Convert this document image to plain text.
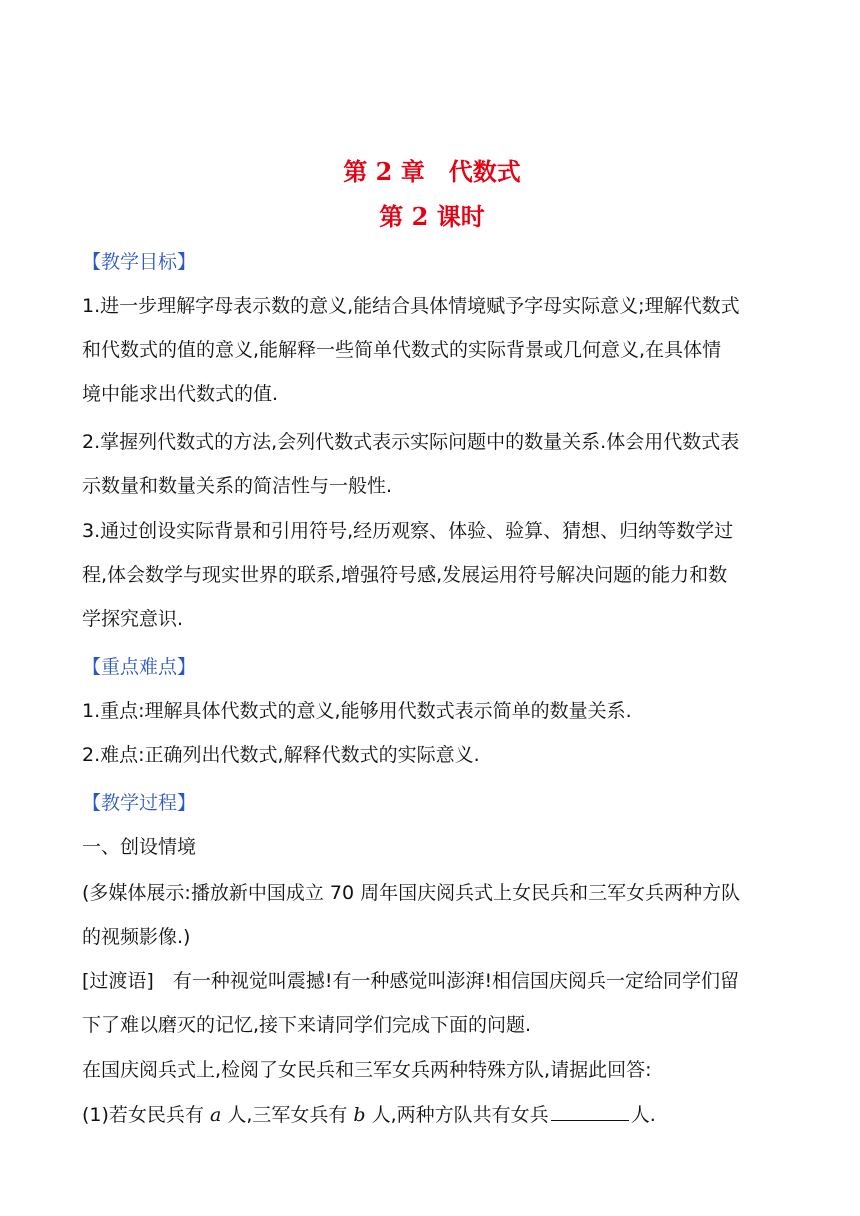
第 2 章　代数式
第 2 课时
【教学目标】
1.进一步理解字母表示数的意义,能结合具体情境赋予字母实际意义;理解代数式
和代数式的值的意义,能解释一些简单代数式的实际背景或几何意义,在具体情
境中能求出代数式的值.
2.掌握列代数式的方法,会列代数式表示实际问题中的数量关系.体会用代数式表
示数量和数量关系的简洁性与一般性.
3.通过创设实际背景和引用符号,经历观察、体验、验算、猜想、归纳等数学过
程,体会数学与现实世界的联系,增强符号感,发展运用符号解决问题的能力和数
学探究意识.
【重点难点】
1.重点:理解具体代数式的意义,能够用代数式表示简单的数量关系.
2.难点:正确列出代数式,解释代数式的实际意义.
【教学过程】
一、创设情境
(多媒体展示:播放新中国成立 70 周年国庆阅兵式上女民兵和三军女兵两种方队
的视频影像.)
[过渡语]　有一种视觉叫震撼!有一种感觉叫澎湃!相信国庆阅兵一定给同学们留
下了难以磨灭的记忆,接下来请同学们完成下面的问题.
在国庆阅兵式上,检阅了女民兵和三军女兵两种特殊方队,请据此回答:
(1)若女民兵有 a 人,三军女兵有 b 人,两种方队共有女兵	人.
